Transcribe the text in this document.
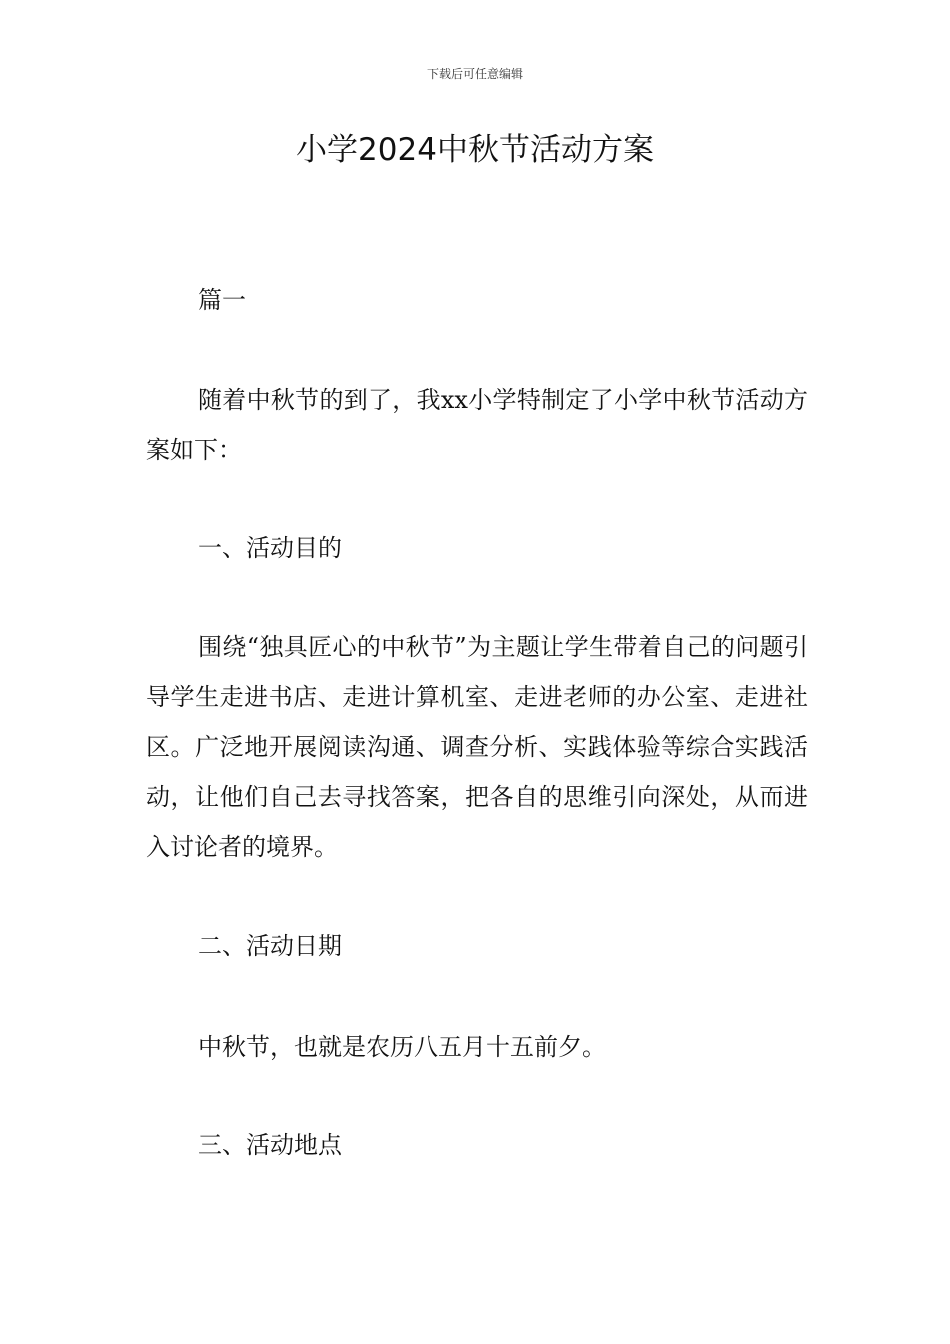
下载后可任意编辑
小学2024中秋节活动方案

篇一

随着中秋节的到了，我xx小学特制定了小学中秋节活动方案如下：

一、活动目的

围绕“独具匠心的中秋节”为主题让学生带着自己的问题引导学生走进书店、走进计算机室、走进老师的办公室、走进社区。广泛地开展阅读沟通、调查分析、实践体验等综合实践活动，让他们自己去寻找答案，把各自的思维引向深处，从而进入讨论者的境界。

二、活动日期

中秋节，也就是农历八五月十五前夕。

三、活动地点
